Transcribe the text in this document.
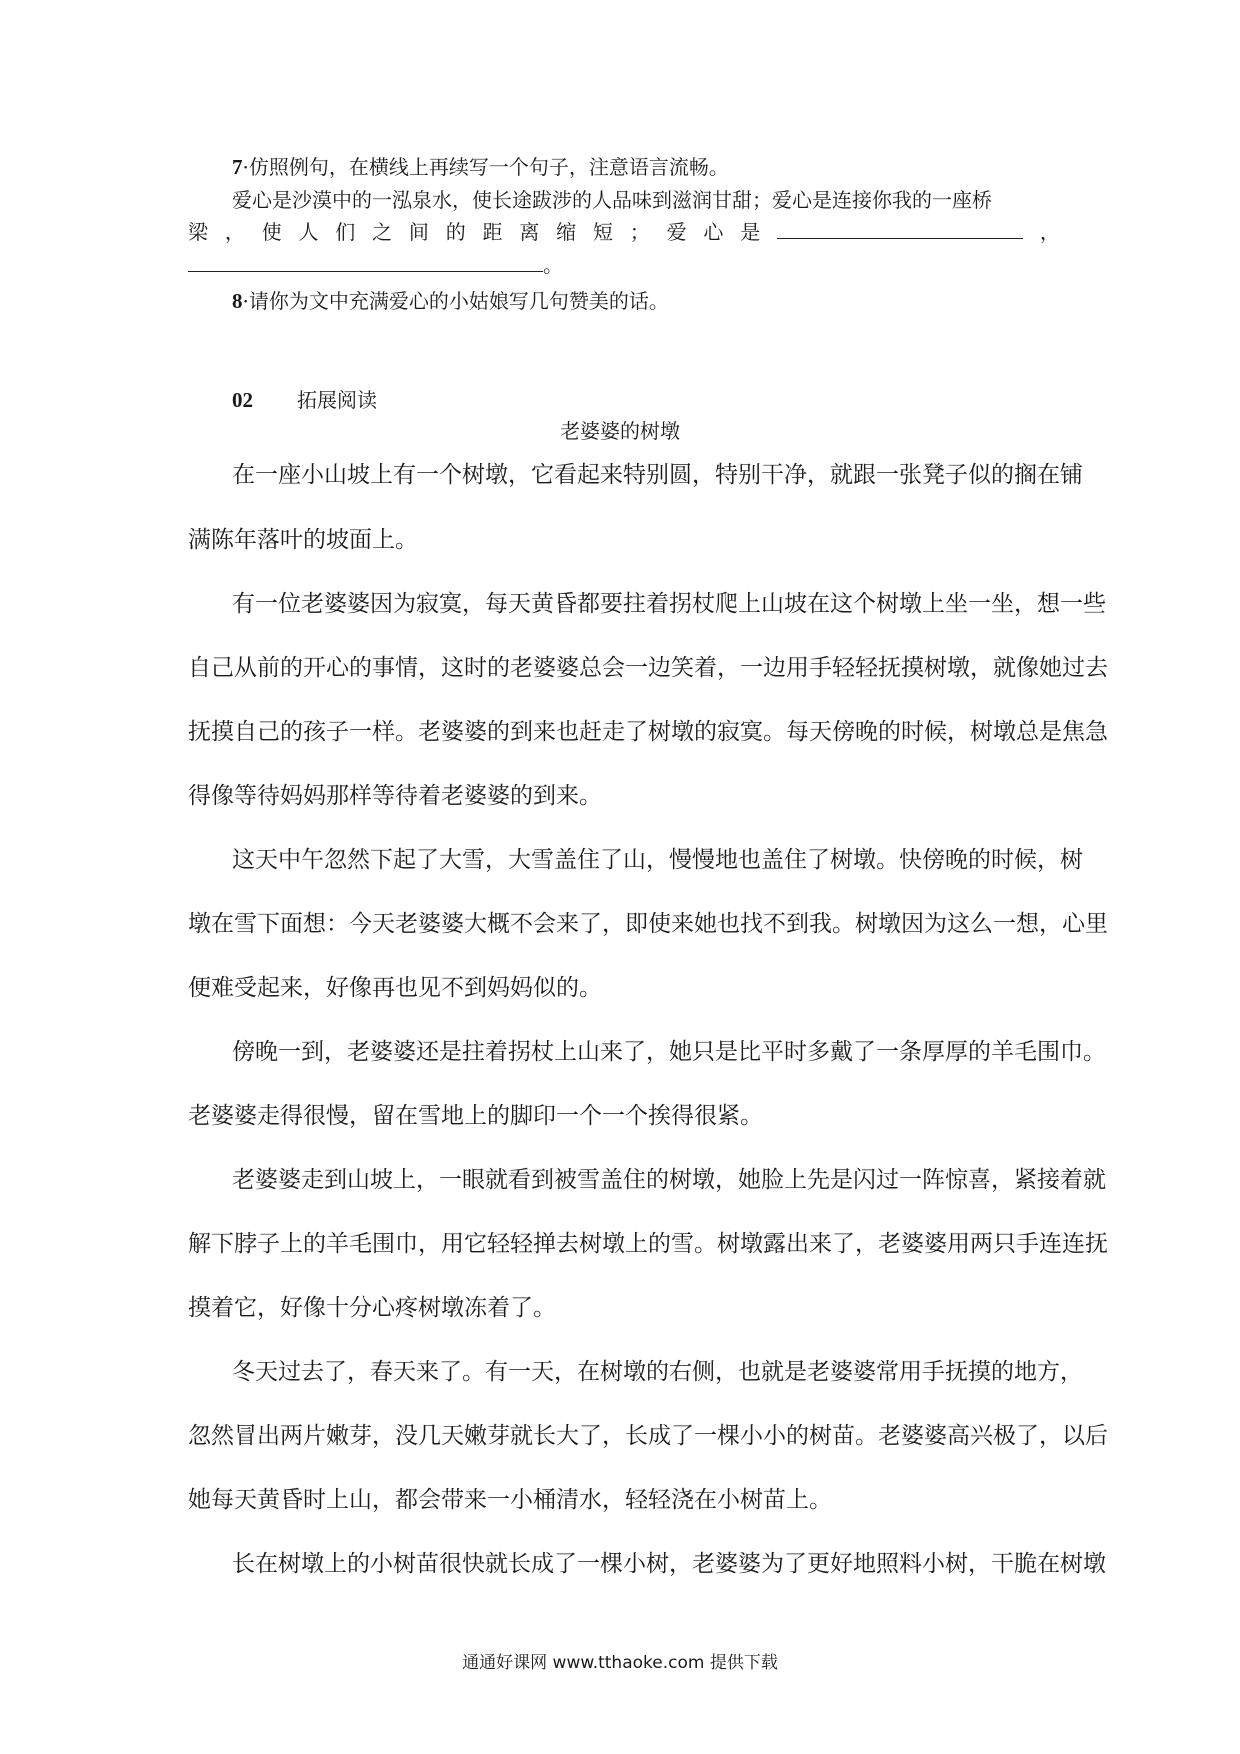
7·仿照例句，在横线上再续写一个句子，注意语言流畅。
爱心是沙漠中的一泓泉水，使长途跋涉的人品味到滋润甘甜；爱心是连接你我的一座桥
梁 ， 使 人 们 之 间 的 距 离 缩 短 ； 爱 心 是	，
。
8·请你为文中充满爱心的小姑娘写几句赞美的话。
02 拓展阅读
老婆婆的树墩
在一座小山坡上有一个树墩，它看起来特别圆，特别干净，就跟一张凳子似的搁在铺
满陈年落叶的坡面上。
有一位老婆婆因为寂寞，每天黄昏都要拄着拐杖爬上山坡在这个树墩上坐一坐，想一些
自己从前的开心的事情，这时的老婆婆总会一边笑着，一边用手轻轻抚摸树墩，就像她过去
抚摸自己的孩子一样。老婆婆的到来也赶走了树墩的寂寞。每天傍晚的时候，树墩总是焦急
得像等待妈妈那样等待着老婆婆的到来。
这天中午忽然下起了大雪，大雪盖住了山，慢慢地也盖住了树墩。快傍晚的时候，树
墩在雪下面想：今天老婆婆大概不会来了，即使来她也找不到我。树墩因为这么一想，心里
便难受起来，好像再也见不到妈妈似的。
傍晚一到，老婆婆还是拄着拐杖上山来了，她只是比平时多戴了一条厚厚的羊毛围巾。
老婆婆走得很慢，留在雪地上的脚印一个一个挨得很紧。
老婆婆走到山坡上，一眼就看到被雪盖住的树墩，她脸上先是闪过一阵惊喜，紧接着就
解下脖子上的羊毛围巾，用它轻轻掸去树墩上的雪。树墩露出来了，老婆婆用两只手连连抚
摸着它，好像十分心疼树墩冻着了。
冬天过去了，春天来了。有一天，在树墩的右侧，也就是老婆婆常用手抚摸的地方，
忽然冒出两片嫩芽，没几天嫩芽就长大了，长成了一棵小小的树苗。老婆婆高兴极了，以后
她每天黄昏时上山，都会带来一小桶清水，轻轻浇在小树苗上。
长在树墩上的小树苗很快就长成了一棵小树，老婆婆为了更好地照料小树，干脆在树墩
通通好课网 www.tthaoke.com 提供下载
